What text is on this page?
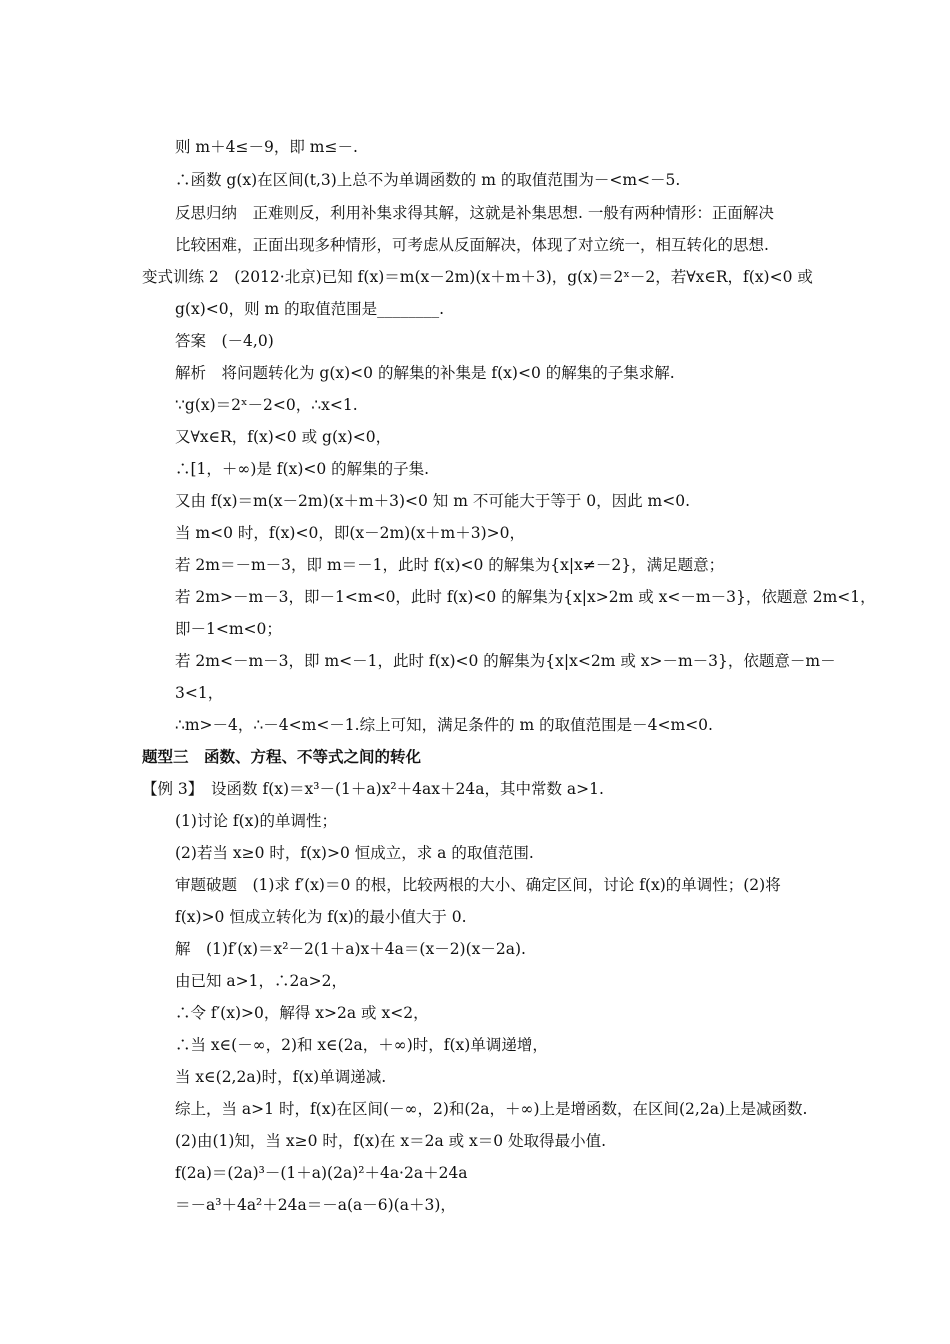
则 m＋4≤－9，即 m≤－.
∴函数 g(x)在区间(t,3)上总不为单调函数的 m 的取值范围为－<m<－5.
反思归纳　正难则反，利用补集求得其解，这就是补集思想. 一般有两种情形：正面解决
比较困难，正面出现多种情形，可考虑从反面解决，体现了对立统一，相互转化的思想.
变式训练 2　(2012·北京)已知 f(x)＝m(x－2m)(x＋m＋3)，g(x)＝2ˣ－2，若∀x∈R，f(x)<0 或
g(x)<0，则 m 的取值范围是________.
答案　(－4,0)
解析　将问题转化为 g(x)<0 的解集的补集是 f(x)<0 的解集的子集求解.
∵g(x)＝2ˣ－2<0，∴x<1.
又∀x∈R，f(x)<0 或 g(x)<0，
∴[1，＋∞)是 f(x)<0 的解集的子集.
又由 f(x)＝m(x－2m)(x＋m＋3)<0 知 m 不可能大于等于 0，因此 m<0.
当 m<0 时，f(x)<0，即(x－2m)(x＋m＋3)>0，
若 2m＝－m－3，即 m＝－1，此时 f(x)<0 的解集为{x|x≠－2}，满足题意；
若 2m>－m－3，即－1<m<0，此时 f(x)<0 的解集为{x|x>2m 或 x<－m－3}，依题意 2m<1，
即－1<m<0；
若 2m<－m－3，即 m<－1，此时 f(x)<0 的解集为{x|x<2m 或 x>－m－3}，依题意－m－
3<1，
∴m>－4，∴－4<m<－1.综上可知，满足条件的 m 的取值范围是－4<m<0.
题型三　函数、方程、不等式之间的转化
【例 3】　设函数 f(x)＝x³－(1＋a)x²＋4ax＋24a，其中常数 a>1.
(1)讨论 f(x)的单调性；
(2)若当 x≥0 时，f(x)>0 恒成立，求 a 的取值范围.
审题破题　(1)求 f′(x)＝0 的根，比较两根的大小、确定区间，讨论 f(x)的单调性；(2)将
f(x)>0 恒成立转化为 f(x)的最小值大于 0.
解　(1)f′(x)＝x²－2(1＋a)x＋4a＝(x－2)(x－2a).
由已知 a>1，∴2a>2，
∴令 f′(x)>0，解得 x>2a 或 x<2，
∴当 x∈(－∞，2)和 x∈(2a，＋∞)时，f(x)单调递增，
当 x∈(2,2a)时，f(x)单调递减.
综上，当 a>1 时，f(x)在区间(－∞，2)和(2a，＋∞)上是增函数，在区间(2,2a)上是减函数.
(2)由(1)知，当 x≥0 时，f(x)在 x＝2a 或 x＝0 处取得最小值.
f(2a)＝(2a)³－(1＋a)(2a)²＋4a·2a＋24a
＝－a³＋4a²＋24a＝－a(a－6)(a＋3)，
